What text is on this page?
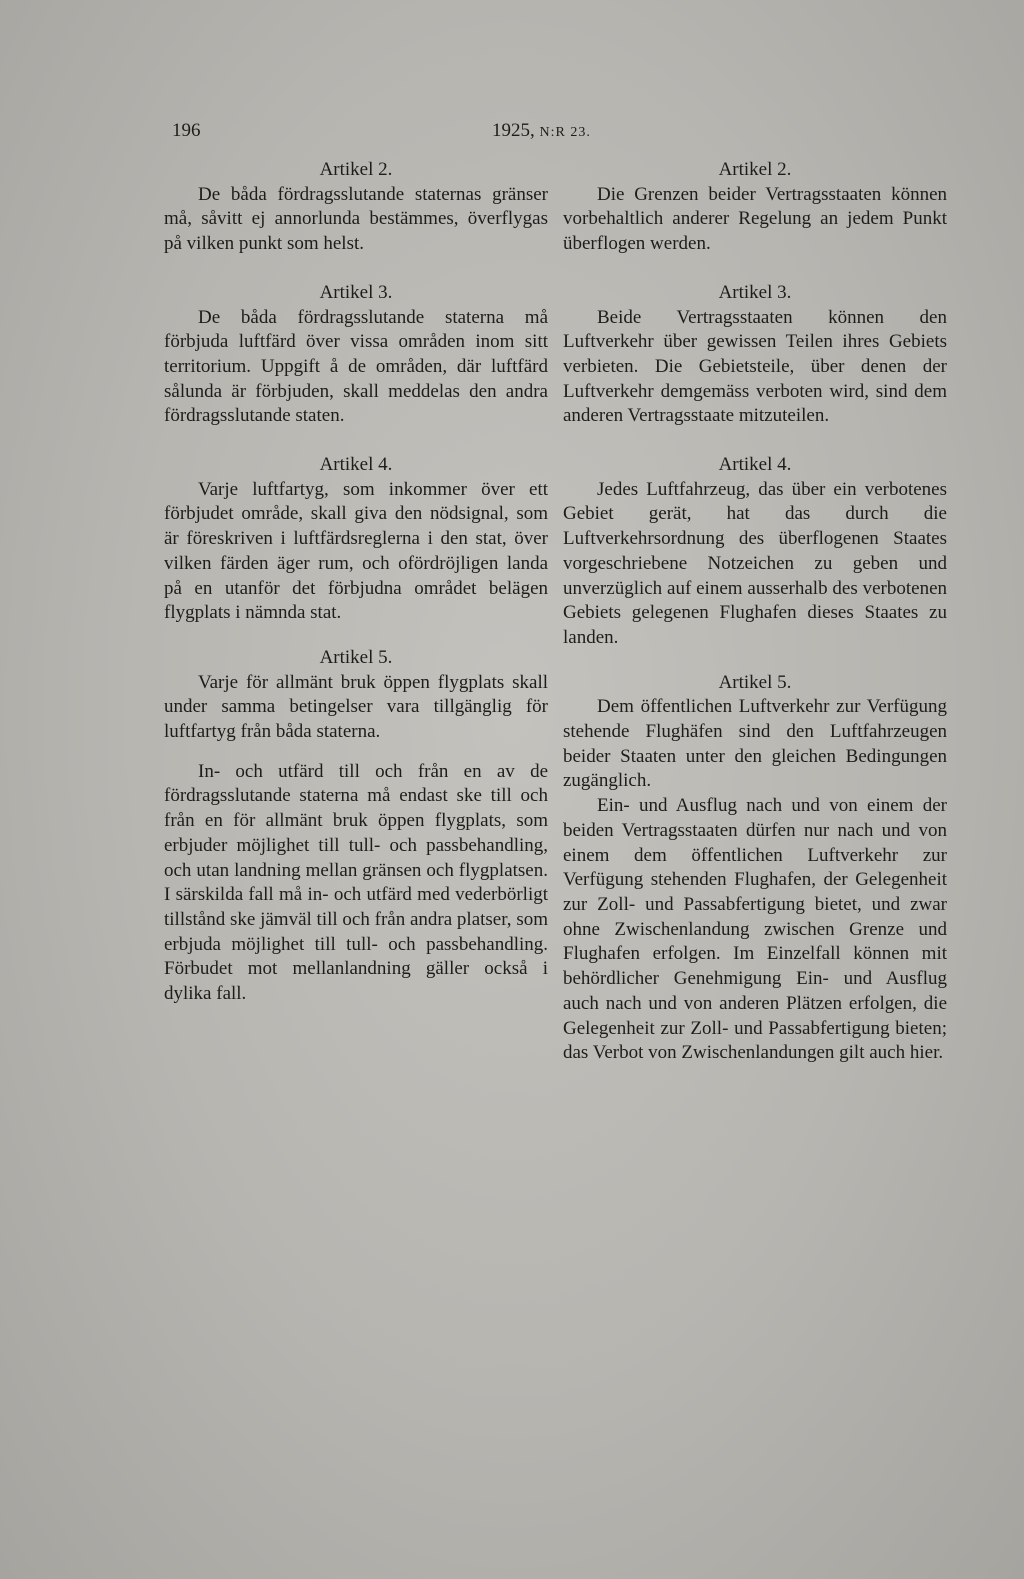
196	1925, N:R 23.

Artikel 2.

De båda fördragsslutande staternas gränser må, såvitt ej annorlunda bestämmes, överflygas på vilken punkt som helst.

Artikel 3.

De båda fördragsslutande staterna må förbjuda luftfärd över vissa områden inom sitt territorium. Uppgift å de områden, där luftfärd sålunda är förbjuden, skall meddelas den andra fördragsslutande staten.

Artikel 4.

Varje luftfartyg, som inkommer över ett förbjudet område, skall giva den nödsignal, som är föreskriven i luftfärdsreglerna i den stat, över vilken färden äger rum, och ofördröjligen landa på en utanför det förbjudna området belägen flygplats i nämnda stat.

Artikel 5.

Varje för allmänt bruk öppen flygplats skall under samma betingelser vara tillgänglig för luftfartyg från båda staterna.

In- och utfärd till och från en av de fördragsslutande staterna må endast ske till och från en för allmänt bruk öppen flygplats, som erbjuder möjlighet till tull- och passbehandling, och utan landning mellan gränsen och flygplatsen. I särskilda fall må in- och utfärd med vederbörligt tillstånd ske jämväl till och från andra platser, som erbjuda möjlighet till tull- och passbehandling. Förbudet mot mellanlandning gäller också i dylika fall.

Artikel 2.

Die Grenzen beider Vertragsstaaten können vorbehaltlich anderer Regelung an jedem Punkt überflogen werden.

Artikel 3.

Beide Vertragsstaaten können den Luftverkehr über gewissen Teilen ihres Gebiets verbieten. Die Gebietsteile, über denen der Luftverkehr demgemäss verboten wird, sind dem anderen Vertragsstaate mitzuteilen.

Artikel 4.

Jedes Luftfahrzeug, das über ein verbotenes Gebiet gerät, hat das durch die Luftverkehrsordnung des überflogenen Staates vorgeschriebene Notzeichen zu geben und unverzüglich auf einem ausserhalb des verbotenen Gebiets gelegenen Flughafen dieses Staates zu landen.

Artikel 5.

Dem öffentlichen Luftverkehr zur Verfügung stehende Flughäfen sind den Luftfahrzeugen beider Staaten unter den gleichen Bedingungen zugänglich.

Ein- und Ausflug nach und von einem der beiden Vertragsstaaten dürfen nur nach und von einem dem öffentlichen Luftverkehr zur Verfügung stehenden Flughafen, der Gelegenheit zur Zoll- und Passabfertigung bietet, und zwar ohne Zwischenlandung zwischen Grenze und Flughafen erfolgen. Im Einzelfall können mit behördlicher Genehmigung Ein- und Ausflug auch nach und von anderen Plätzen erfolgen, die Gelegenheit zur Zoll- und Passabfertigung bieten; das Verbot von Zwischenlandungen gilt auch hier.
